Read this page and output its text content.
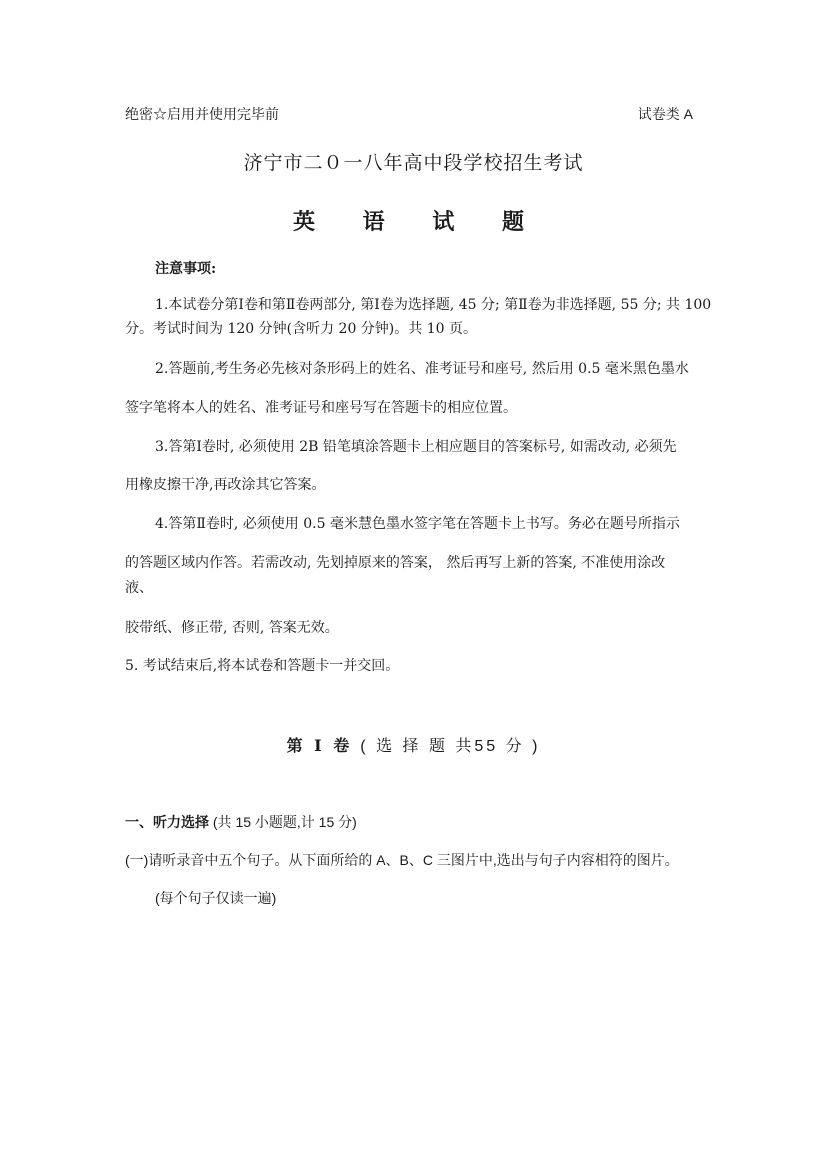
绝密☆启用并使用完毕前	试卷类 A
济宁市二０一八年高中段学校招生考试
英 语 试 题
注意事项:
1.本试卷分第Ⅰ卷和第Ⅱ卷两部分, 第Ⅰ卷为选择题, 45 分; 第Ⅱ卷为非选择题, 55 分; 共 100
分。考试时间为 120 分钟(含听力 20 分钟)。共 10 页。
2.答题前,考生务必先核对条形码上的姓名、准考证号和座号, 然后用 0.5 毫米黑色墨水
签字笔将本人的姓名、准考证号和座号写在答题卡的相应位置。
3.答第Ⅰ卷时, 必须使用 2B 铅笔填涂答题卡上相应题目的答案标号, 如需改动, 必须先
用橡皮擦干净,再改涂其它答案。
4.答第Ⅱ卷时, 必须使用 0.5 毫米慧色墨水签字笔在答题卡上书写。务必在题号所指示
的答题区域内作答。若需改动, 先划掉原来的答案， 然后再写上新的答案, 不准使用涂改
液、
胶带纸、修正带, 否则, 答案无效。
5. 考试结束后,将本试卷和答题卡一并交回。
第 Ⅰ 卷 ( 选 择 题 共55 分 )
一、听力选择 (共 15 小题题,计 15 分)
(一)请听录音中五个句子。从下面所给的 A、B、C 三图片中,选出与句子内容相符的图片。
(每个句子仅读一遍)
